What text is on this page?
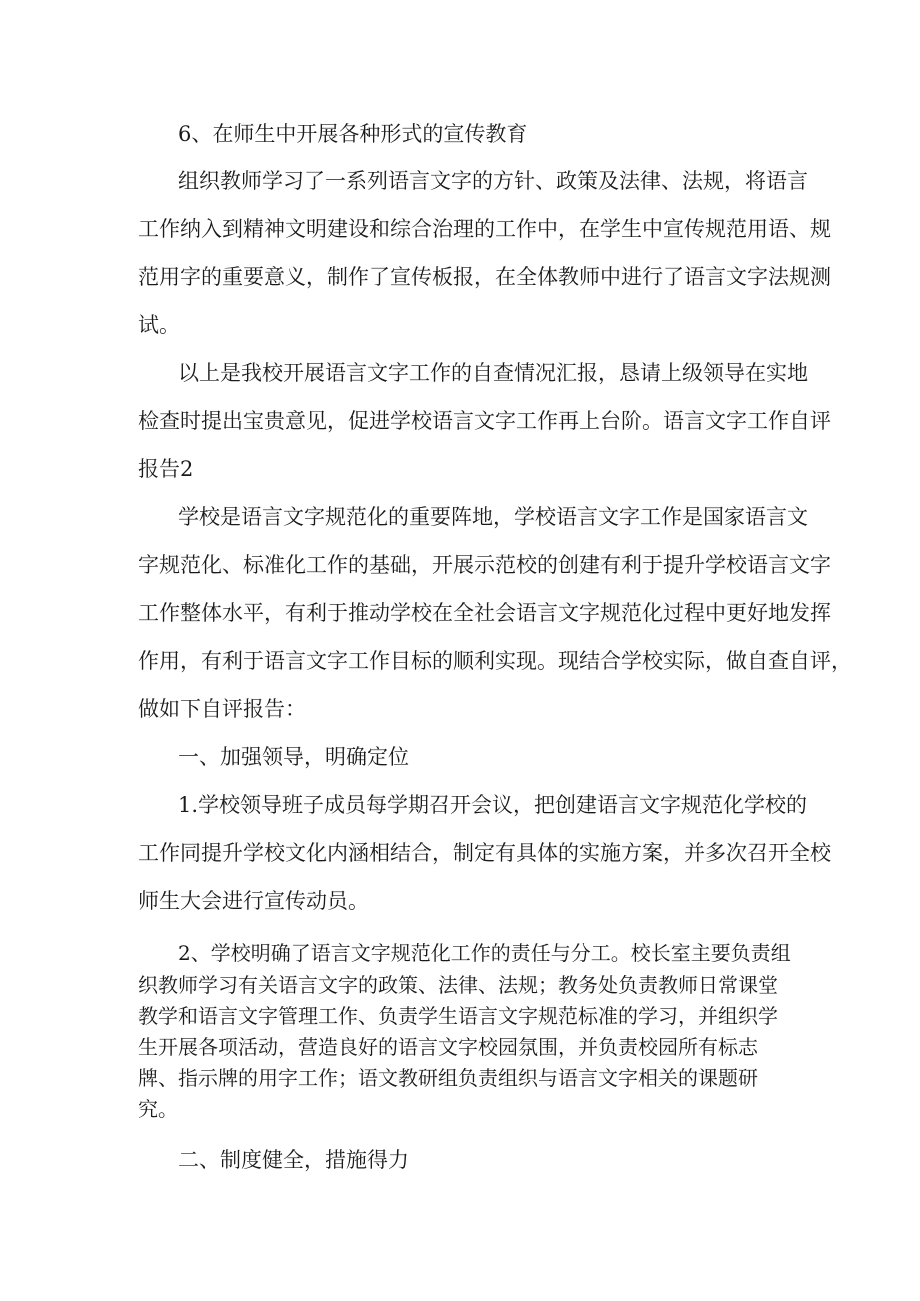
6、在师生中开展各种形式的宣传教育

组织教师学习了一系列语言文字的方针、政策及法律、法规，将语言

工作纳入到精神文明建设和综合治理的工作中，在学生中宣传规范用语、规

范用字的重要意义，制作了宣传板报，在全体教师中进行了语言文字法规测

试。

以上是我校开展语言文字工作的自查情况汇报，恳请上级领导在实地

检查时提出宝贵意见，促进学校语言文字工作再上台阶。语言文字工作自评

报告2

学校是语言文字规范化的重要阵地，学校语言文字工作是国家语言文

字规范化、标准化工作的基础，开展示范校的创建有利于提升学校语言文字

工作整体水平，有利于推动学校在全社会语言文字规范化过程中更好地发挥

作用，有利于语言文字工作目标的顺利实现。现结合学校实际，做自查自评，

做如下自评报告：

一、加强领导，明确定位

1.学校领导班子成员每学期召开会议，把创建语言文字规范化学校的

工作同提升学校文化内涵相结合，制定有具体的实施方案，并多次召开全校

师生大会进行宣传动员。

2、学校明确了语言文字规范化工作的责任与分工。校长室主要负责组

织教师学习有关语言文字的政策、法律、法规；教务处负责教师日常课堂

教学和语言文字管理工作、负责学生语言文字规范标准的学习，并组织学

生开展各项活动，营造良好的语言文字校园氛围，并负责校园所有标志

牌、指示牌的用字工作；语文教研组负责组织与语言文字相关的课题研

究。

二、制度健全，措施得力
